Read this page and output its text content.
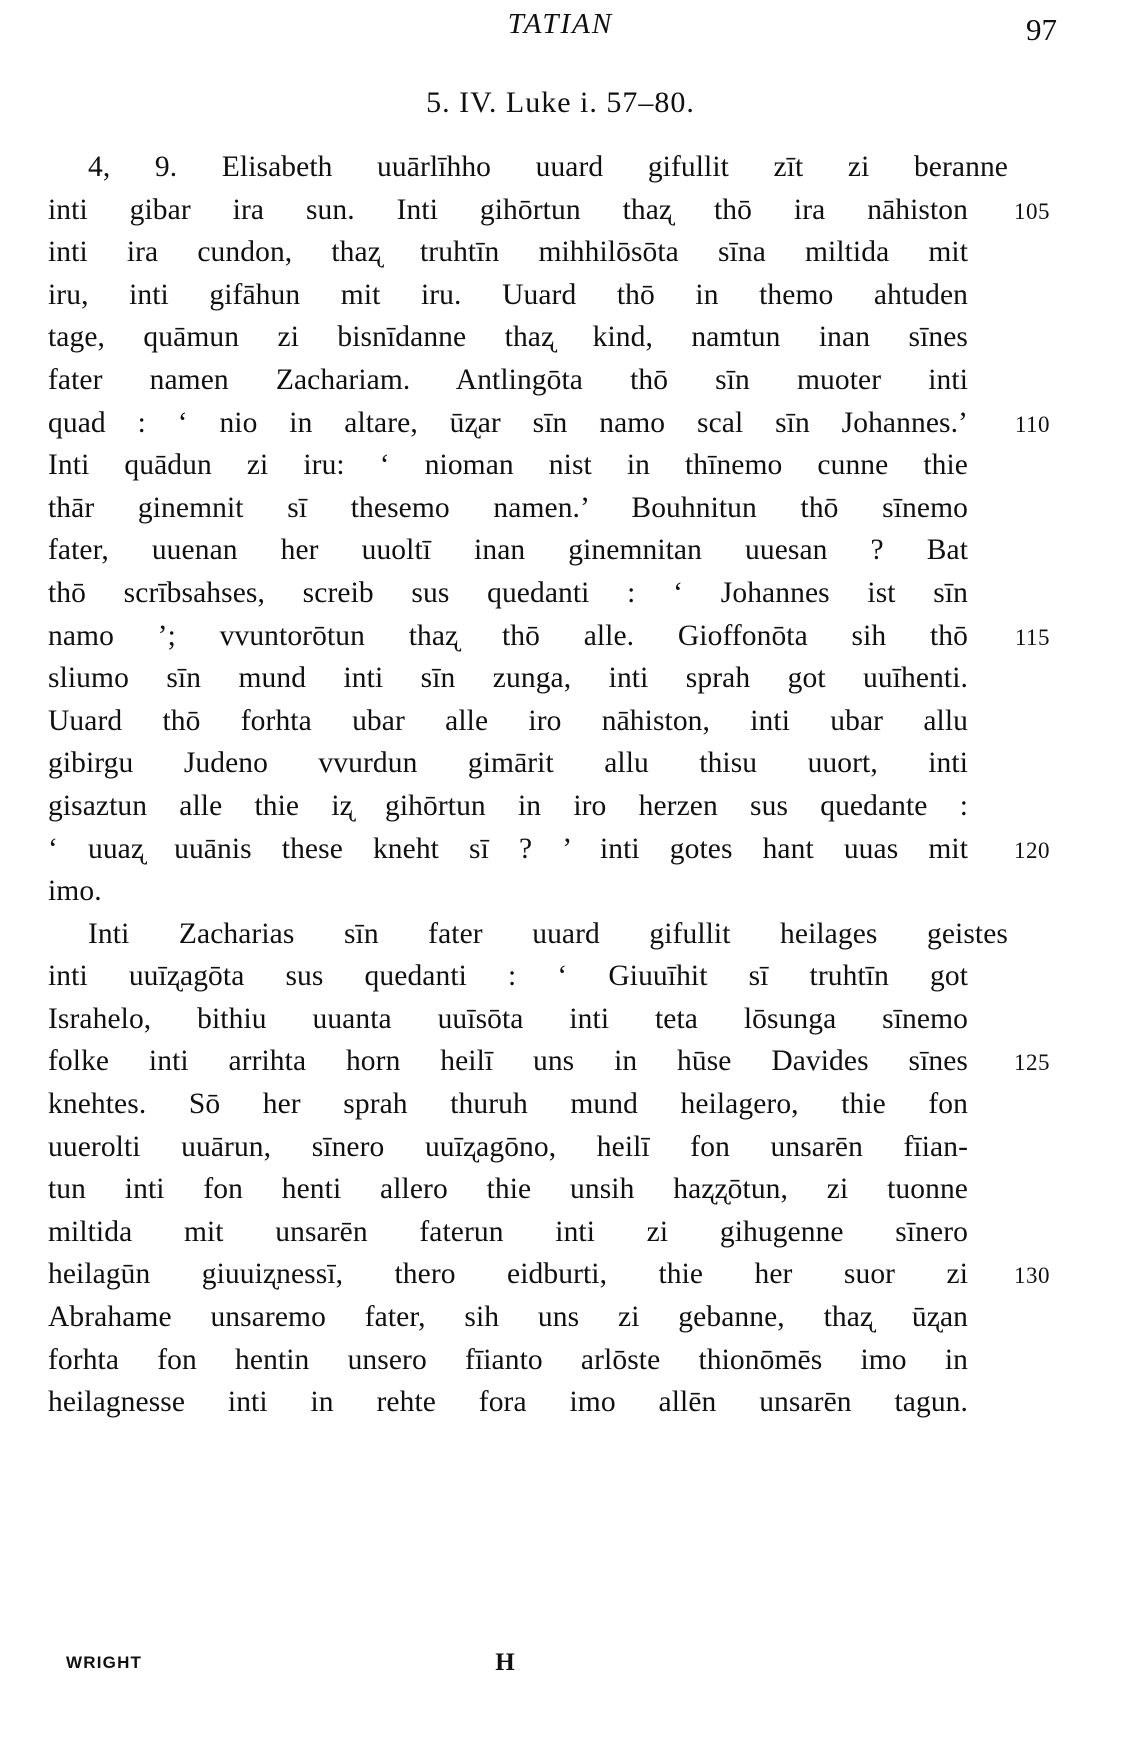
TATIAN	97
5. IV. Luke i. 57–80.
4, 9. Elisabeth uuārlīhho uuard gifullit zīt zi beranne
inti gibar ira sun. Inti gihōrtun thaʐ thō ira nāhiston 105
inti ira cundon, thaʐ truhtīn mihhilōsōta sīna miltida mit
iru, inti gifāhun mit iru. Uuard thō in themo ahtuden
tage, quāmun zi bisnīdanne thaʐ kind, namtun inan sīnes
fater namen Zachariam. Antlingōta thō sīn muoter inti
quad : ‘ nio in altare, ūʐar sīn namo scal sīn Johannes.’ 110
Inti quādun zi iru: ‘ nioman nist in thīnemo cunne thie
thār ginemnit sī thesemo namen.’ Bouhnitun thō sīnemo
fater, uuenan her uuoltī inan ginemnitan uuesan ? Bat
thō scrībsahses, screib sus quedanti : ‘ Johannes ist sīn
namo ’; vvuntorōtun thaʐ thō alle. Gioffonōta sih thō 115
sliumo sīn mund inti sīn zunga, inti sprah got uuīhenti.
Uuard thō forhta ubar alle iro nāhiston, inti ubar allu
gibirgu Judeno vvurdun gimārit allu thisu uuort, inti
gisaztun alle thie iʐ gihōrtun in iro herzen sus quedante :
‘ uuaʐ uuānis these kneht sī ? ’ inti gotes hant uuas mit 120
imo.
Inti Zacharias sīn fater uuard gifullit heilages geistes
inti uuīʐagōta sus quedanti : ‘ Giuuīhit sī truhtīn got
Israhelo, bithiu uuanta uuīsōta inti teta lōsunga sīnemo
folke inti arrihta horn heilī uns in hūse Davides sīnes 125
knehtes. Sō her sprah thuruh mund heilagero, thie fon
uuerolti uuārun, sīnero uuīʐagōno, heilī fon unsarēn fīian-
tun inti fon henti allero thie unsih haʐʐōtun, zi tuonne
miltida mit unsarēn faterun inti zi gihugenne sīnero
heilagūn giuuiʐnessī, thero eidburti, thie her suor zi 130
Abrahame unsaremo fater, sih uns zi gebanne, thaʐ ūʐan
forhta fon hentin unsero fīianto arlōste thionōmēs imo in
heilagnesse inti in rehte fora imo allēn unsarēn tagun.
WRIGHT	H
